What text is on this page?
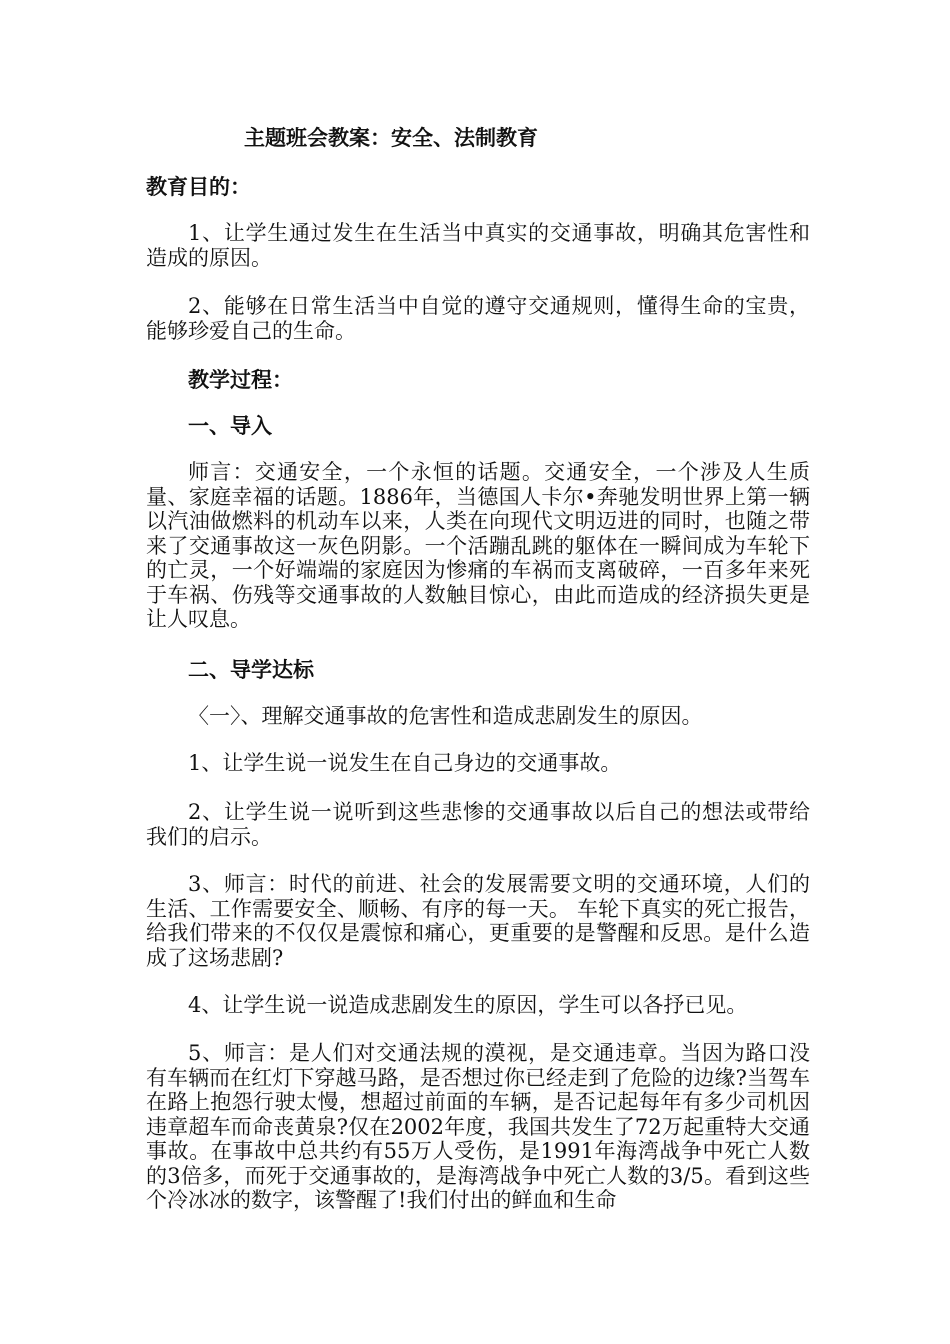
主题班会教案：安全、法制教育
教育目的：
1、让学生通过发生在生活当中真实的交通事故，明确其危害性和造成的原因。
2、能够在日常生活当中自觉的遵守交通规则，懂得生命的宝贵，能够珍爱自己的生命。
教学过程：
一、导入
师言：交通安全，一个永恒的话题。交通安全，一个涉及人生质量、家庭幸福的话题。1886年，当德国人卡尔•奔驰发明世界上第一辆以汽油做燃料的机动车以来，人类在向现代文明迈进的同时，也随之带来了交通事故这一灰色阴影。一个活蹦乱跳的躯体在一瞬间成为车轮下的亡灵，一个好端端的家庭因为惨痛的车祸而支离破碎，一百多年来死于车祸、伤残等交通事故的人数触目惊心，由此而造成的经济损失更是让人叹息。
二、导学达标
〈一〉、理解交通事故的危害性和造成悲剧发生的原因。
1、让学生说一说发生在自己身边的交通事故。
2、让学生说一说听到这些悲惨的交通事故以后自己的想法或带给我们的启示。
3、师言：时代的前进、社会的发展需要文明的交通环境，人们的生活、工作需要安全、顺畅、有序的每一天。 车轮下真实的死亡报告，给我们带来的不仅仅是震惊和痛心，更重要的是警醒和反思。是什么造成了这场悲剧?
4、让学生说一说造成悲剧发生的原因，学生可以各抒已见。
5、师言：是人们对交通法规的漠视，是交通违章。当因为路口没有车辆而在红灯下穿越马路，是否想过你已经走到了危险的边缘?当驾车在路上抱怨行驶太慢，想超过前面的车辆，是否记起每年有多少司机因违章超车而命丧黄泉?仅在2002年度，我国共发生了72万起重特大交通事故。在事故中总共约有55万人受伤，是1991年海湾战争中死亡人数的3倍多，而死于交通事故的，是海湾战争中死亡人数的3/5。看到这些个冷冰冰的数字，该警醒了!我们付出的鲜血和生命
